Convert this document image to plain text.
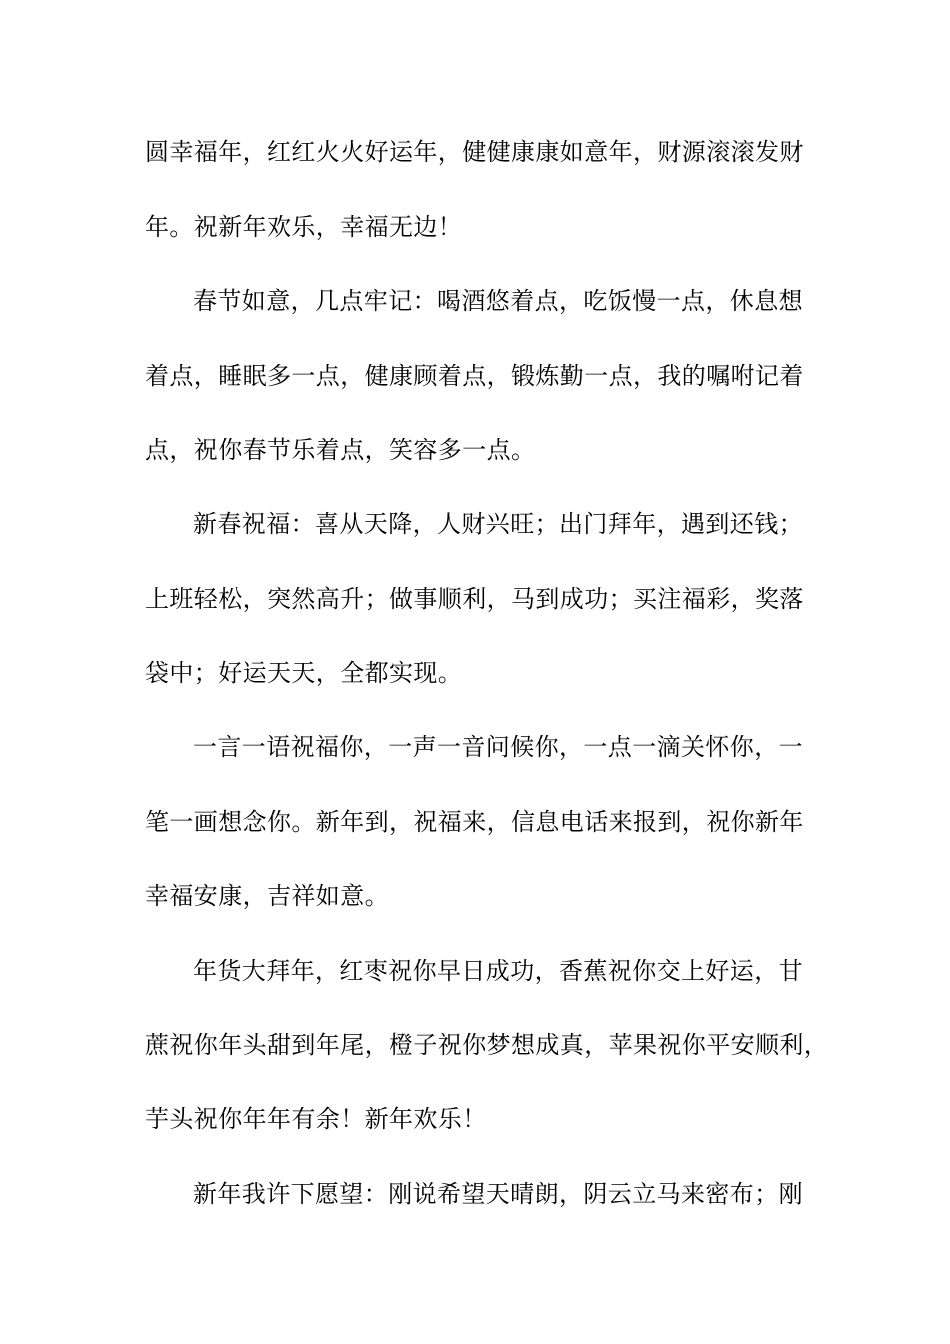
圆幸福年，红红火火好运年，健健康康如意年，财源滚滚发财
年。祝新年欢乐，幸福无边！
春节如意，几点牢记：喝酒悠着点，吃饭慢一点，休息想
着点，睡眠多一点，健康顾着点，锻炼勤一点，我的嘱咐记着
点，祝你春节乐着点，笑容多一点。
新春祝福：喜从天降，人财兴旺；出门拜年，遇到还钱；
上班轻松，突然高升；做事顺利，马到成功；买注福彩，奖落
袋中；好运天天，全都实现。
一言一语祝福你，一声一音问候你，一点一滴关怀你，一
笔一画想念你。新年到，祝福来，信息电话来报到，祝你新年
幸福安康，吉祥如意。
年货大拜年，红枣祝你早日成功，香蕉祝你交上好运，甘
蔗祝你年头甜到年尾，橙子祝你梦想成真，苹果祝你平安顺利，
芋头祝你年年有余！新年欢乐！
新年我许下愿望：刚说希望天晴朗，阴云立马来密布；刚
